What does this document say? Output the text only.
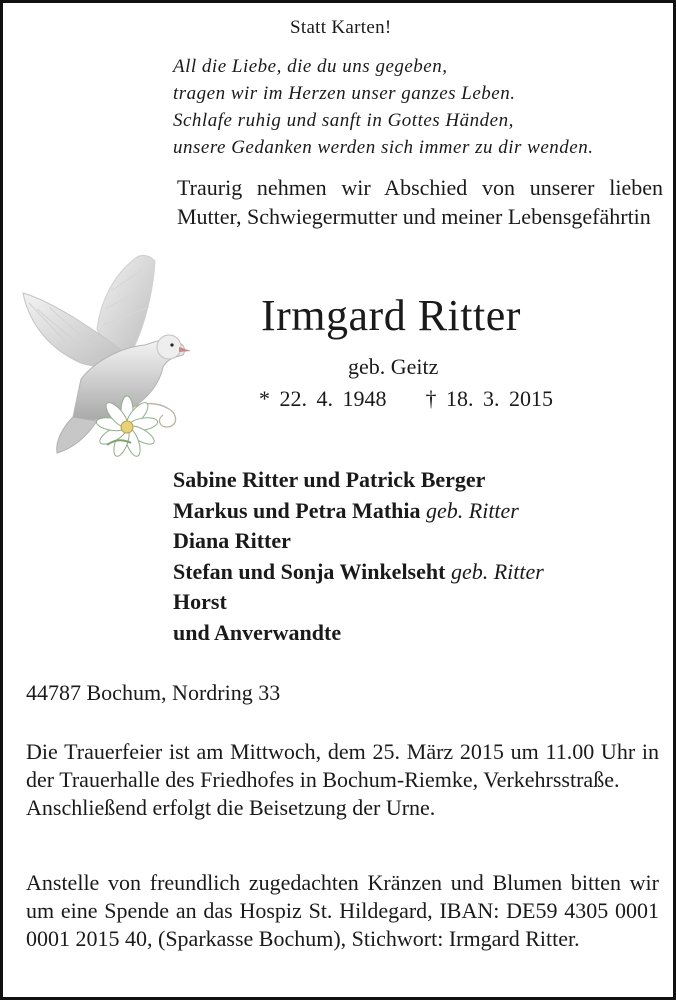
Statt Karten!
All die Liebe, die du uns gegeben,
tragen wir im Herzen unser ganzes Leben.
Schlafe ruhig und sanft in Gottes Händen,
unsere Gedanken werden sich immer zu dir wenden.
Traurig nehmen wir Abschied von unserer lieben Mutter, Schwiegermutter und meiner Lebensgefährtin
Irmgard Ritter
geb. Geitz
* 22. 4. 1948 † 18. 3. 2015
Sabine Ritter und Patrick Berger
Markus und Petra Mathia geb. Ritter
Diana Ritter
Stefan und Sonja Winkelseht geb. Ritter
Horst
und Anverwandte
44787 Bochum, Nordring 33
Die Trauerfeier ist am Mittwoch, dem 25. März 2015 um 11.00 Uhr in der Trauerhalle des Friedhofes in Bochum-Riemke, Verkehrsstraße.
Anschließend erfolgt die Beisetzung der Urne.
Anstelle von freundlich zugedachten Kränzen und Blumen bitten wir um eine Spende an das Hospiz St. Hildegard, IBAN: DE59 4305 0001 0001 2015 40, (Sparkasse Bochum), Stichwort: Irmgard Ritter.
